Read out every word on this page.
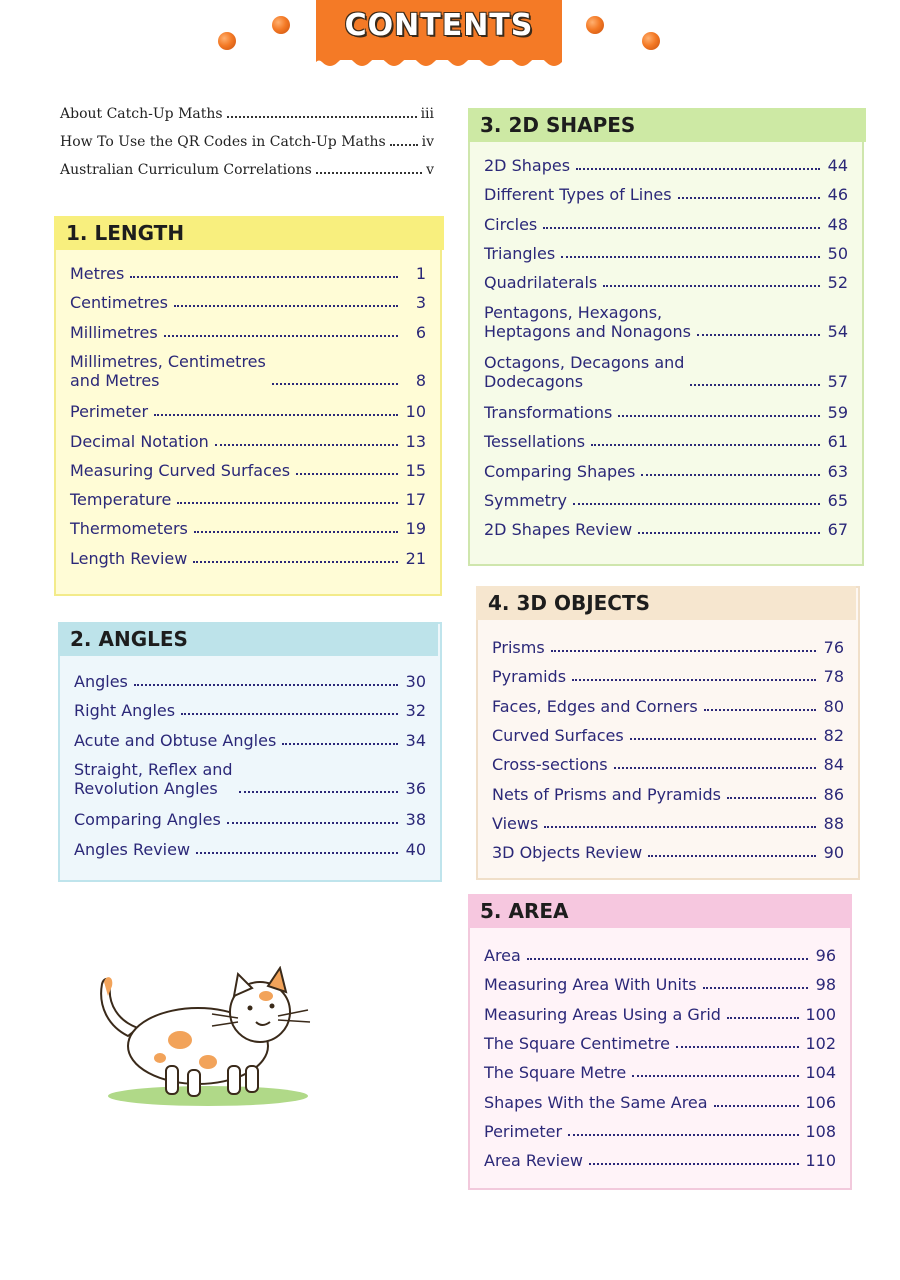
CONTENTS
About Catch-Up Maths	iii
How To Use the QR Codes in Catch-Up Maths	iv
Australian Curriculum Correlations	v
1. LENGTH
Metres	1
Centimetres	3
Millimetres	6
Millimetres, Centimetres
and Metres	8
Perimeter	10
Decimal Notation	13
Measuring Curved Surfaces	15
Temperature	17
Thermometers	19
Length Review	21
2. ANGLES
Angles	30
Right Angles	32
Acute and Obtuse Angles	34
Straight, Reflex and
Revolution Angles	36
Comparing Angles	38
Angles Review	40
3. 2D SHAPES
2D Shapes	44
Different Types of Lines	46
Circles	48
Triangles	50
Quadrilaterals	52
Pentagons, Hexagons,
Heptagons and Nonagons	54
Octagons, Decagons and
Dodecagons	57
Transformations	59
Tessellations	61
Comparing Shapes	63
Symmetry	65
2D Shapes Review	67
4. 3D OBJECTS
Prisms	76
Pyramids	78
Faces, Edges and Corners	80
Curved Surfaces	82
Cross-sections	84
Nets of Prisms and Pyramids	86
Views	88
3D Objects Review	90
5. AREA
Area	96
Measuring Area With Units	98
Measuring Areas Using a Grid	100
The Square Centimetre	102
The Square Metre	104
Shapes With the Same Area	106
Perimeter	108
Area Review	110
